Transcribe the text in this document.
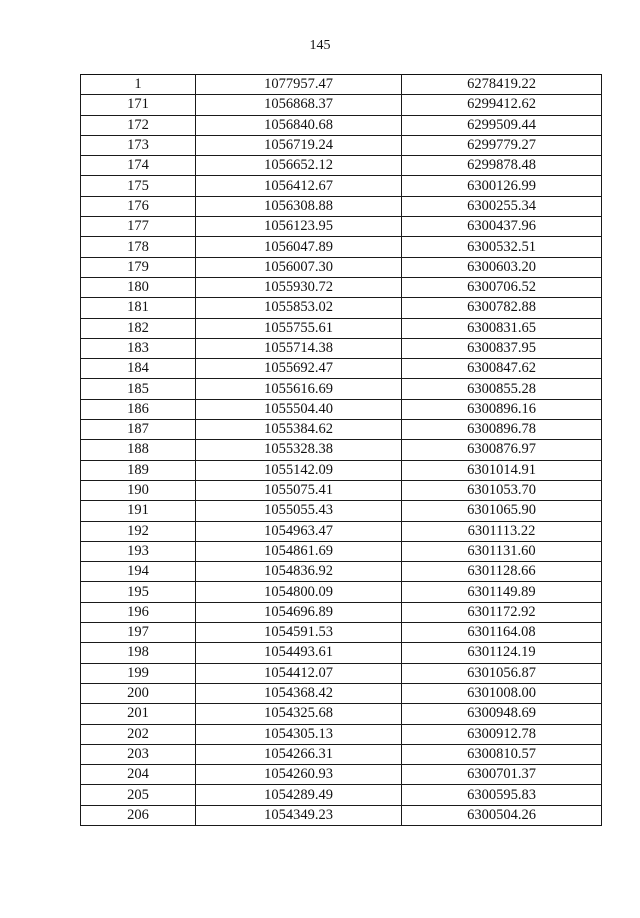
145
1	1077957.47	6278419.22
171	1056868.37	6299412.62
172	1056840.68	6299509.44
173	1056719.24	6299779.27
174	1056652.12	6299878.48
175	1056412.67	6300126.99
176	1056308.88	6300255.34
177	1056123.95	6300437.96
178	1056047.89	6300532.51
179	1056007.30	6300603.20
180	1055930.72	6300706.52
181	1055853.02	6300782.88
182	1055755.61	6300831.65
183	1055714.38	6300837.95
184	1055692.47	6300847.62
185	1055616.69	6300855.28
186	1055504.40	6300896.16
187	1055384.62	6300896.78
188	1055328.38	6300876.97
189	1055142.09	6301014.91
190	1055075.41	6301053.70
191	1055055.43	6301065.90
192	1054963.47	6301113.22
193	1054861.69	6301131.60
194	1054836.92	6301128.66
195	1054800.09	6301149.89
196	1054696.89	6301172.92
197	1054591.53	6301164.08
198	1054493.61	6301124.19
199	1054412.07	6301056.87
200	1054368.42	6301008.00
201	1054325.68	6300948.69
202	1054305.13	6300912.78
203	1054266.31	6300810.57
204	1054260.93	6300701.37
205	1054289.49	6300595.83
206	1054349.23	6300504.26
